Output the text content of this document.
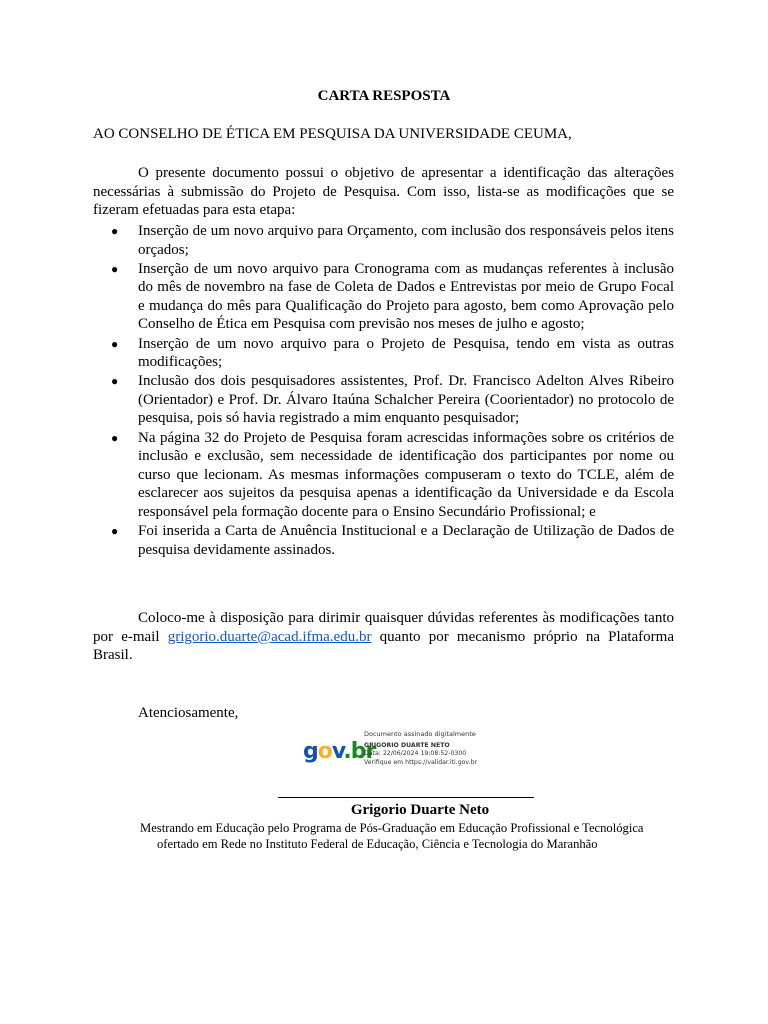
CARTA RESPOSTA
AO CONSELHO DE ÉTICA EM PESQUISA DA UNIVERSIDADE CEUMA,

O presente documento possui o objetivo de apresentar a identificação das alterações necessárias à submissão do Projeto de Pesquisa. Com isso, lista-se as modificações que se fizeram efetuadas para esta etapa:

● Inserção de um novo arquivo para Orçamento, com inclusão dos responsáveis pelos itens orçados;
● Inserção de um novo arquivo para Cronograma com as mudanças referentes à inclusão do mês de novembro na fase de Coleta de Dados e Entrevistas por meio de Grupo Focal e mudança do mês para Qualificação do Projeto para agosto, bem como Aprovação pelo Conselho de Ética em Pesquisa com previsão nos meses de julho e agosto;
● Inserção de um novo arquivo para o Projeto de Pesquisa, tendo em vista as outras modificações;
● Inclusão dos dois pesquisadores assistentes, Prof. Dr. Francisco Adelton Alves Ribeiro (Orientador) e Prof. Dr. Álvaro Itaúna Schalcher Pereira (Coorientador) no protocolo de pesquisa, pois só havia registrado a mim enquanto pesquisador;
● Na página 32 do Projeto de Pesquisa foram acrescidas informações sobre os critérios de inclusão e exclusão, sem necessidade de identificação dos participantes por nome ou curso que lecionam. As mesmas informações compuseram o texto do TCLE, além de esclarecer aos sujeitos da pesquisa apenas a identificação da Universidade e da Escola responsável pela formação docente para o Ensino Secundário Profissional; e
● Foi inserida a Carta de Anuência Institucional e a Declaração de Utilização de Dados de pesquisa devidamente assinados.

Coloco-me à disposição para dirimir quaisquer dúvidas referentes às modificações tanto por e-mail grigorio.duarte@acad.ifma.edu.br quanto por mecanismo próprio na Plataforma Brasil.

Atenciosamente,
gov.br
Documento assinado digitalmente
GRIGORIO DUARTE NETO
Data: 22/06/2024 19:08:52-0300
Verifique em https://validar.iti.gov.br
Grigorio Duarte Neto
Mestrando em Educação pelo Programa de Pós-Graduação em Educação Profissional e Tecnológica
ofertado em Rede no Instituto Federal de Educação, Ciência e Tecnologia do Maranhão
